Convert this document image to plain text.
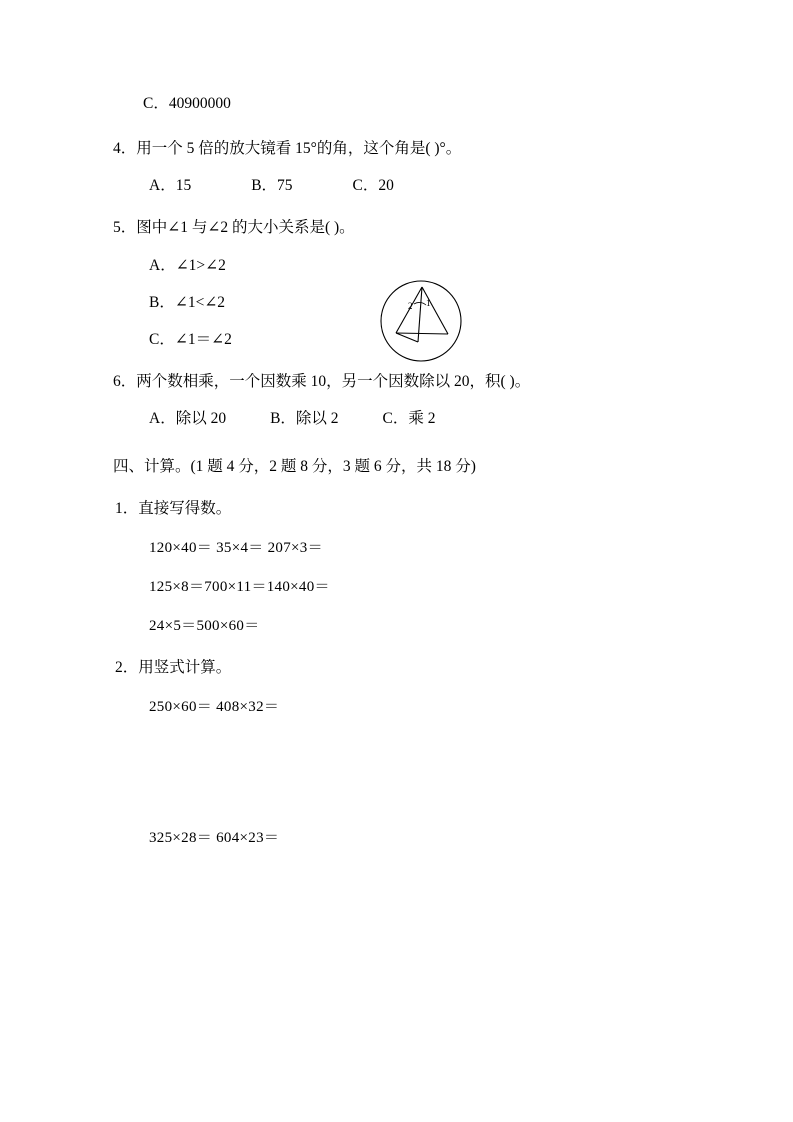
C．40900000
4．用一个 5 倍的放大镜看 15°的角，这个角是( )°。
A．15	B．75	C．20
5．图中∠1 与∠2 的大小关系是( )。
A．∠1>∠2
B．∠1<∠2
C．∠1＝∠2
6．两个数相乘，一个因数乘 10，另一个因数除以 20，积( )。
A．除以 20	B．除以 2	C．乘 2
四、计算。(1 题 4 分，2 题 8 分，3 题 6 分，共 18 分)
1．直接写得数。
120×40＝ 35×4＝ 207×3＝
125×8＝700×11＝140×40＝
24×5＝500×60＝
2．用竖式计算。
250×60＝ 408×32＝
325×28＝ 604×23＝
2 1
